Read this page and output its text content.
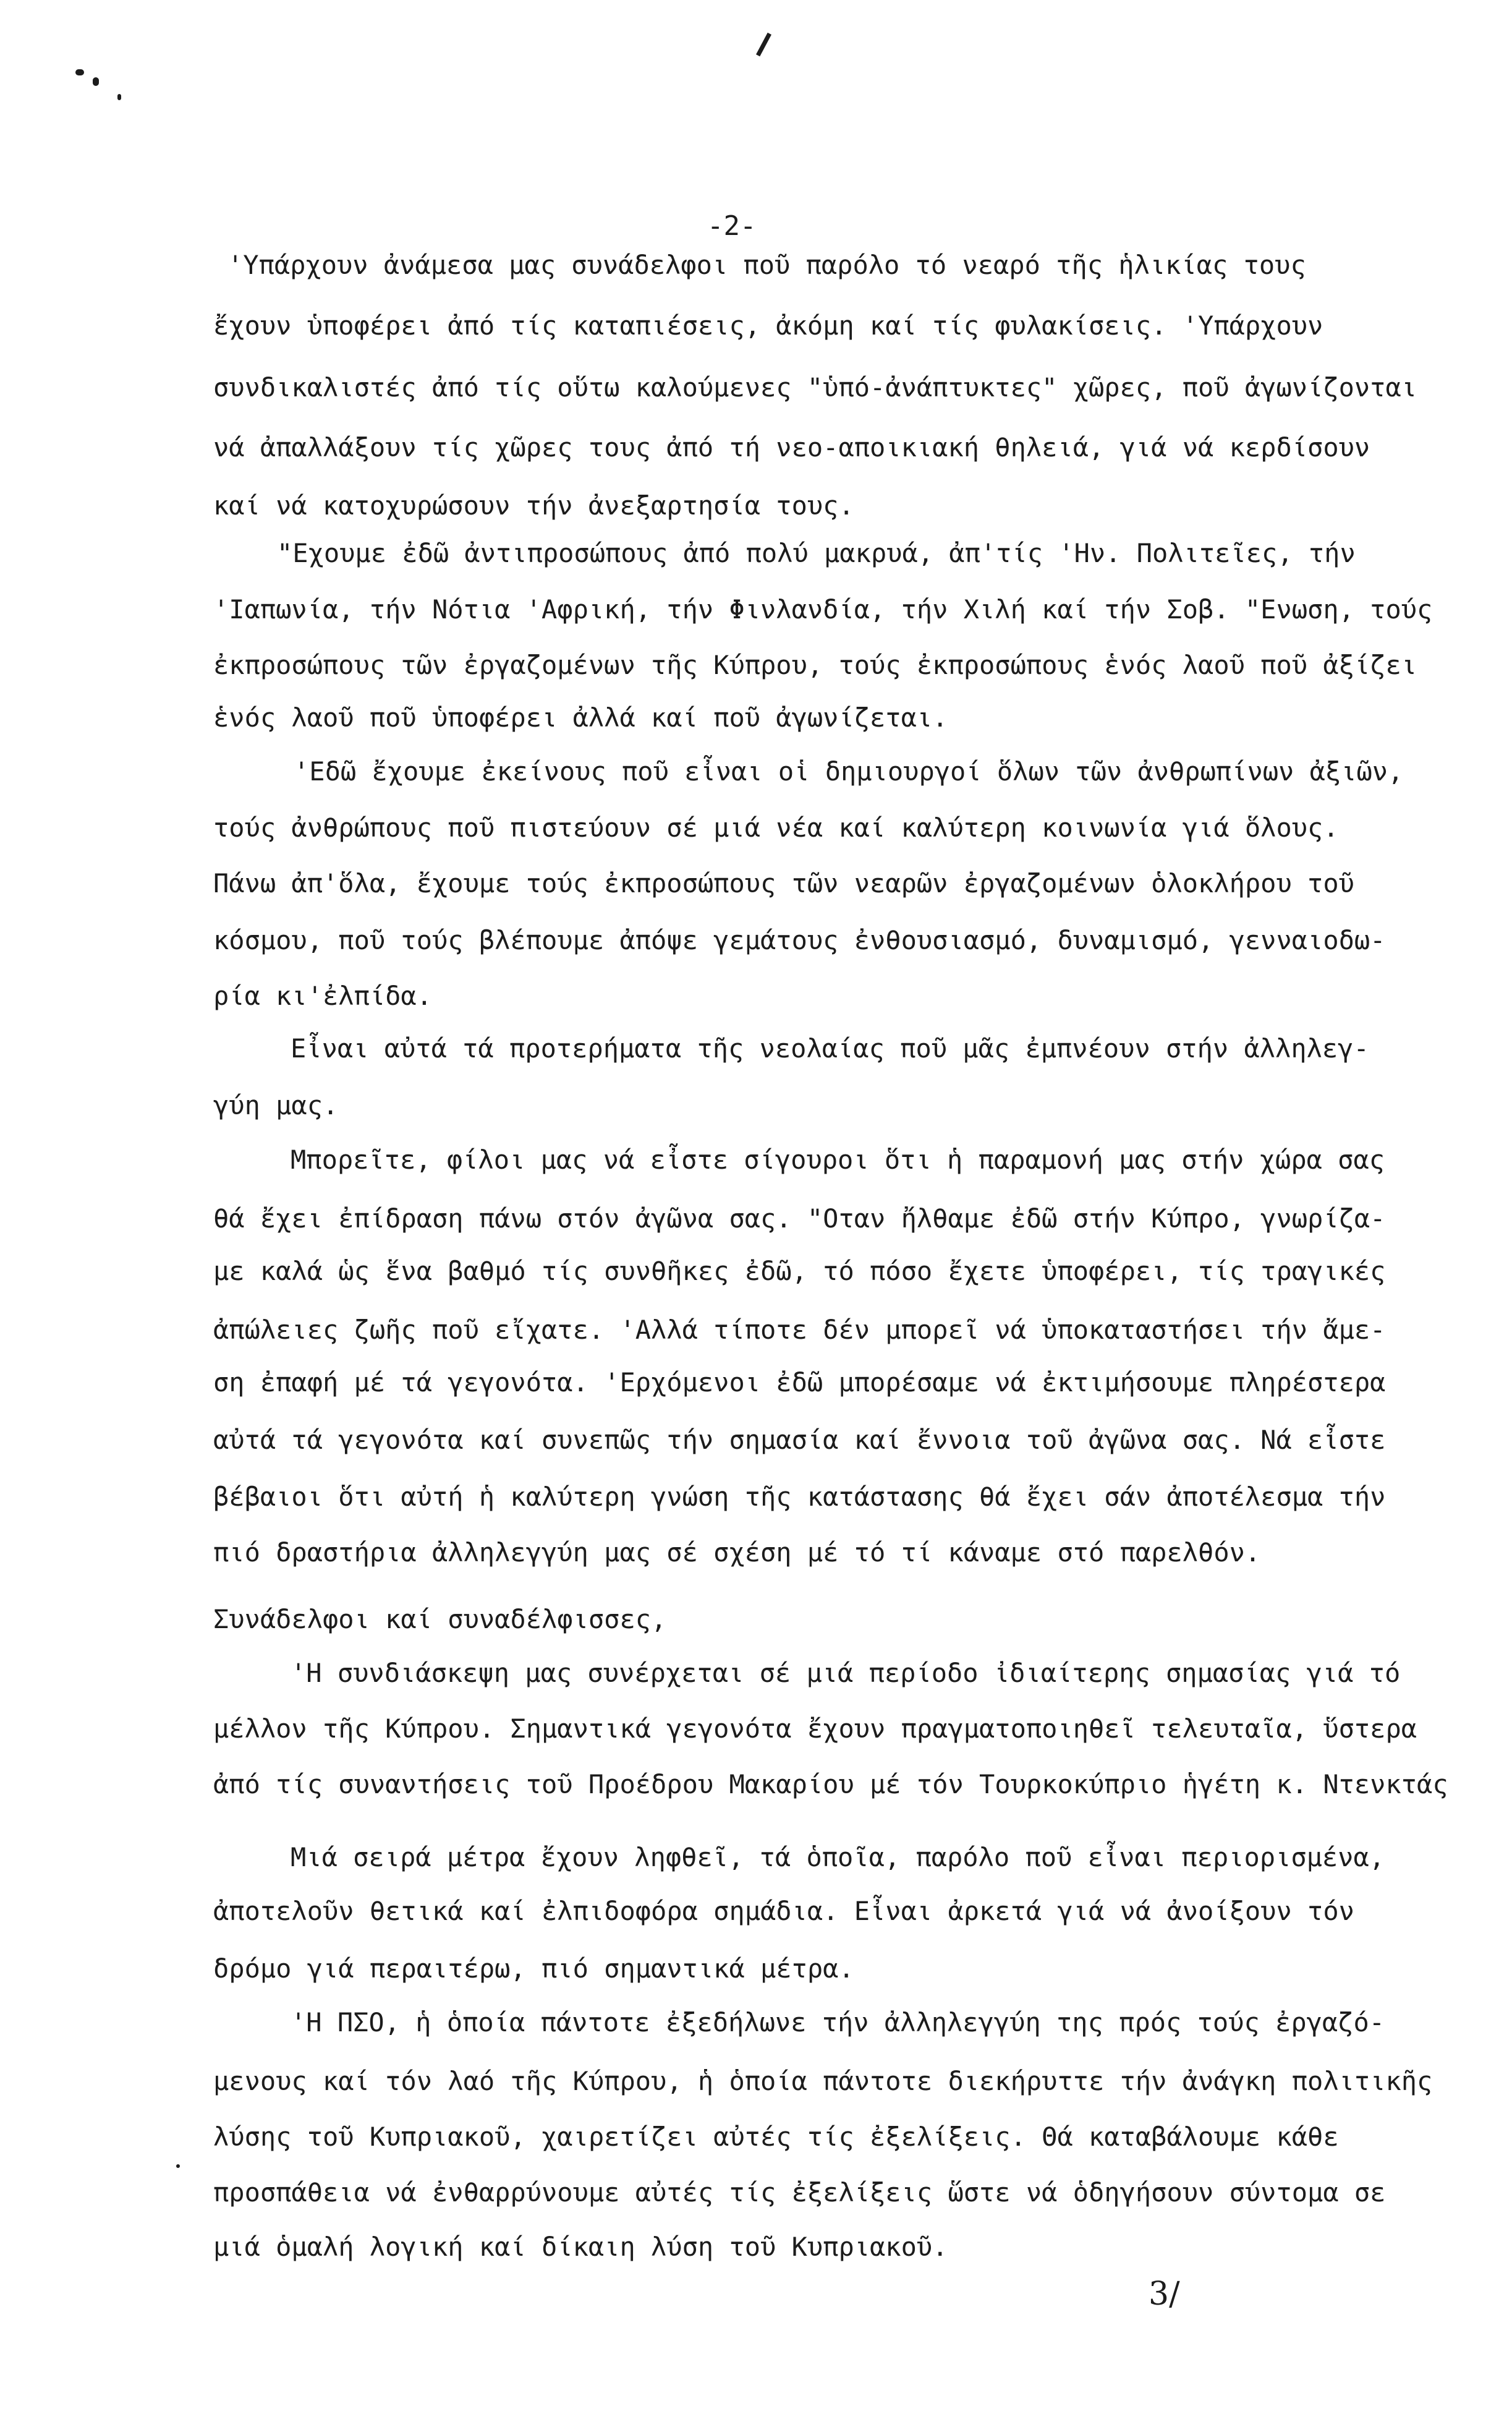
-2-

'Υπάρχουν ἀνάμεσα μας συνάδελφοι ποῦ παρόλο τό νεαρό τῆς ἡλικίας τους

ἔχουν ὑποφέρει ἀπό τίς καταπιέσεις, ἀκόμη καί τίς φυλακίσεις. 'Υπάρχουν

συνδικαλιστές ἀπό τίς οὕτω καλούμενες "ὑπό-ἀνάπτυκτες" χῶρες, ποῦ ἀγωνίζονται

νά ἀπαλλάξουν τίς χῶρες τους ἀπό τή νεο-αποικιακή θηλειά, γιά νά κερδίσουν

καί νά κατοχυρώσουν τήν ἀνεξαρτησία τους.

"Εχουμε ἐδῶ ἀντιπροσώπους ἀπό πολύ μακρυά, ἀπ'τίς 'Ην. Πολιτεῖες, τήν

'Ιαπωνία, τήν Νότια 'Αφρική, τήν Φινλανδία, τήν Χιλή καί τήν Σοβ. "Ενωση, τούς

ἐκπροσώπους τῶν ἐργαζομένων τῆς Κύπρου, τούς ἐκπροσώπους ἑνός λαοῦ ποῦ ἀξίζει

ἑνός λαοῦ ποῦ ὑποφέρει ἀλλά καί ποῦ ἀγωνίζεται.

'Εδῶ ἔχουμε ἐκείνους ποῦ εἶναι οἱ δημιουργοί ὅλων τῶν ἀνθρωπίνων ἀξιῶν,

τούς ἀνθρώπους ποῦ πιστεύουν σέ μιά νέα καί καλύτερη κοινωνία γιά ὅλους.

Πάνω ἀπ'ὅλα, ἔχουμε τούς ἐκπροσώπους τῶν νεαρῶν ἐργαζομένων ὁλοκλήρου τοῦ

κόσμου, ποῦ τούς βλέπουμε ἀπόψε γεμάτους ἐνθουσιασμό, δυναμισμό, γενναιοδω-

ρία κι'ἐλπίδα.

Εἶναι αὐτά τά προτερήματα τῆς νεολαίας ποῦ μᾶς ἐμπνέουν στήν ἀλληλεγ-

γύη μας.

Μπορεῖτε, φίλοι μας νά εἶστε σίγουροι ὅτι ἡ παραμονή μας στήν χώρα σας

θά ἔχει ἐπίδραση πάνω στόν ἀγῶνα σας. "Οταν ἤλθαμε ἐδῶ στήν Κύπρο, γνωρίζα-

με καλά ὡς ἕνα βαθμό τίς συνθῆκες ἐδῶ, τό πόσο ἔχετε ὑποφέρει, τίς τραγικές

ἀπώλειες ζωῆς ποῦ εἴχατε. 'Αλλά τίποτε δέν μπορεῖ νά ὑποκαταστήσει τήν ἄμε-

ση ἐπαφή μέ τά γεγονότα. 'Ερχόμενοι ἐδῶ μπορέσαμε νά ἐκτιμήσουμε πληρέστερα

αὐτά τά γεγονότα καί συνεπῶς τήν σημασία καί ἔννοια τοῦ ἀγῶνα σας. Νά εἶστε

βέβαιοι ὅτι αὐτή ἡ καλύτερη γνώση τῆς κατάστασης θά ἔχει σάν ἀποτέλεσμα τήν

πιό δραστήρια ἀλληλεγγύη μας σέ σχέση μέ τό τί κάναμε στό παρελθόν.

Συνάδελφοι καί συναδέλφισσες,

'Η συνδιάσκεψη μας συνέρχεται σέ μιά περίοδο ἰδιαίτερης σημασίας γιά τό

μέλλον τῆς Κύπρου. Σημαντικά γεγονότα ἔχουν πραγματοποιηθεῖ τελευταῖα, ὕστερα

ἀπό τίς συναντήσεις τοῦ Προέδρου Μακαρίου μέ τόν Τουρκοκύπριο ἡγέτη κ. Ντενκτάς

Μιά σειρά μέτρα ἔχουν ληφθεῖ, τά ὁποῖα, παρόλο ποῦ εἶναι περιορισμένα,

ἀποτελοῦν θετικά καί ἐλπιδοφόρα σημάδια. Εἶναι ἀρκετά γιά νά ἀνοίξουν τόν

δρόμο γιά περαιτέρω, πιό σημαντικά μέτρα.

'Η ΠΣΟ, ἡ ὁποία πάντοτε ἐξεδήλωνε τήν ἀλληλεγγύη της πρός τούς ἐργαζό-

μενους καί τόν λαό τῆς Κύπρου, ἡ ὁποία πάντοτε διεκήρυττε τήν ἀνάγκη πολιτικῆς

λύσης τοῦ Κυπριακοῦ, χαιρετίζει αὐτές τίς ἐξελίξεις. Θά καταβάλουμε κάθε

προσπάθεια νά ἐνθαρρύνουμε αὐτές τίς ἐξελίξεις ὥστε νά ὁδηγήσουν σύντομα σε

μιά ὁμαλή λογική καί δίκαιη λύση τοῦ Κυπριακοῦ.

3/
